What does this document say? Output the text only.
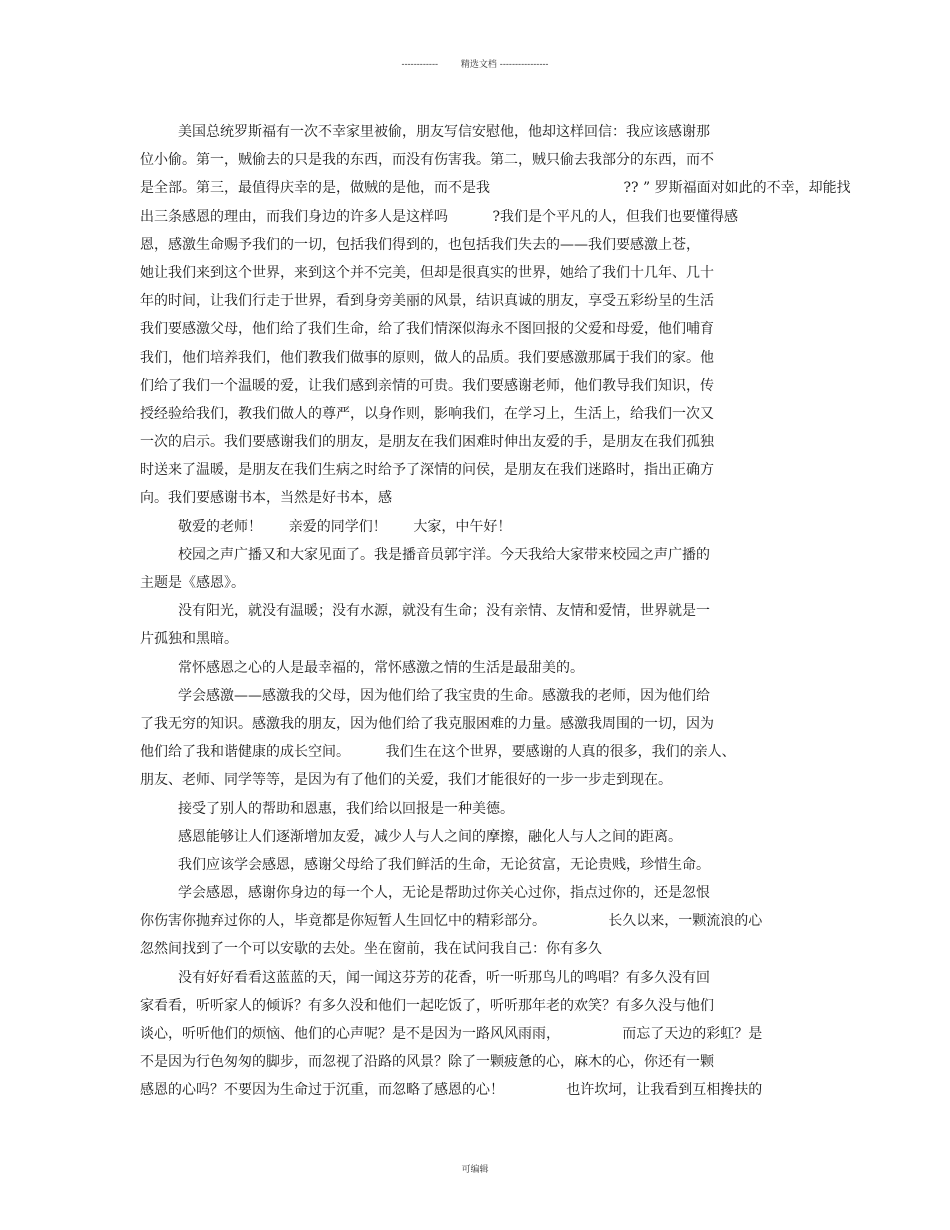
------------        精选文档 ----------------
美国总统罗斯福有一次不幸家里被偷，朋友写信安慰他，他却这样回信：我应该感谢那
位小偷。第一，贼偷去的只是我的东西，而没有伤害我。第二，贼只偷去我部分的东西，而不
是全部。第三，最值得庆幸的是，做贼的是他，而不是我                              ?? ” 罗斯福面对如此的不幸，却能找
出三条感恩的理由，而我们身边的许多人是这样吗          ?我们是个平凡的人，但我们也要懂得感
恩，感激生命赐予我们的一切，包括我们得到的，也包括我们失去的——我们要感激上苍，
她让我们来到这个世界，来到这个并不完美，但却是很真实的世界，她给了我们十几年、几十
年的时间，让我们行走于世界，看到身旁美丽的风景，结识真诚的朋友，享受五彩纷呈的生活
我们要感激父母，他们给了我们生命，给了我们情深似海永不图回报的父爱和母爱，他们哺育
我们，他们培养我们，他们教我们做事的原则，做人的品质。我们要感激那属于我们的家。他
们给了我们一个温暖的爱，让我们感到亲情的可贵。我们要感谢老师，他们教导我们知识，传
授经验给我们，教我们做人的尊严，以身作则，影响我们，在学习上，生活上，给我们一次又
一次的启示。我们要感谢我们的朋友，是朋友在我们困难时伸出友爱的手，是朋友在我们孤独
时送来了温暖，是朋友在我们生病之时给予了深情的问侯，是朋友在我们迷路时，指出正确方
向。我们要感谢书本，当然是好书本，感
敬爱的老师！      亲爱的同学们！      大家，中午好！
校园之声广播又和大家见面了。我是播音员郭宇洋。今天我给大家带来校园之声广播的
主题是《感恩》。
没有阳光，就没有温暖；没有水源，就没有生命；没有亲情、友情和爱情，世界就是一
片孤独和黑暗。
常怀感恩之心的人是最幸福的，常怀感激之情的生活是最甜美的。
学会感激——感激我的父母，因为他们给了我宝贵的生命。感激我的老师，因为他们给
了我无穷的知识。感激我的朋友，因为他们给了我克服困难的力量。感激我周围的一切，因为
他们给了我和谐健康的成长空间。        我们生在这个世界，要感谢的人真的很多，我们的亲人、
朋友、老师、同学等等，是因为有了他们的关爱，我们才能很好的一步一步走到现在。
接受了别人的帮助和恩惠，我们给以回报是一种美德。
感恩能够让人们逐渐增加友爱，减少人与人之间的摩擦，融化人与人之间的距离。
我们应该学会感恩，感谢父母给了我们鲜活的生命，无论贫富，无论贵贱，珍惜生命。
学会感恩，感谢你身边的每一个人，无论是帮助过你关心过你，指点过你的，还是忽恨
你伤害你抛弃过你的人，毕竟都是你短暂人生回忆中的精彩部分。              长久以来，一颗流浪的心
忽然间找到了一个可以安歇的去处。坐在窗前，我在试问我自己：你有多久
没有好好看看这蓝蓝的天，闻一闻这芬芳的花香，听一听那鸟儿的鸣唱？有多久没有回
家看看，听听家人的倾诉？有多久没和他们一起吃饭了，听听那年老的欢笑？有多久没与他们
谈心，听听他们的烦恼、他们的心声呢？是不是因为一路风风雨雨，              而忘了天边的彩虹？是
不是因为行色匆匆的脚步，而忽视了沿路的风景？除了一颗疲惫的心，麻木的心，你还有一颗
感恩的心吗？不要因为生命过于沉重，而忽略了感恩的心！              也许坎坷，让我看到互相搀扶的
可编辑
